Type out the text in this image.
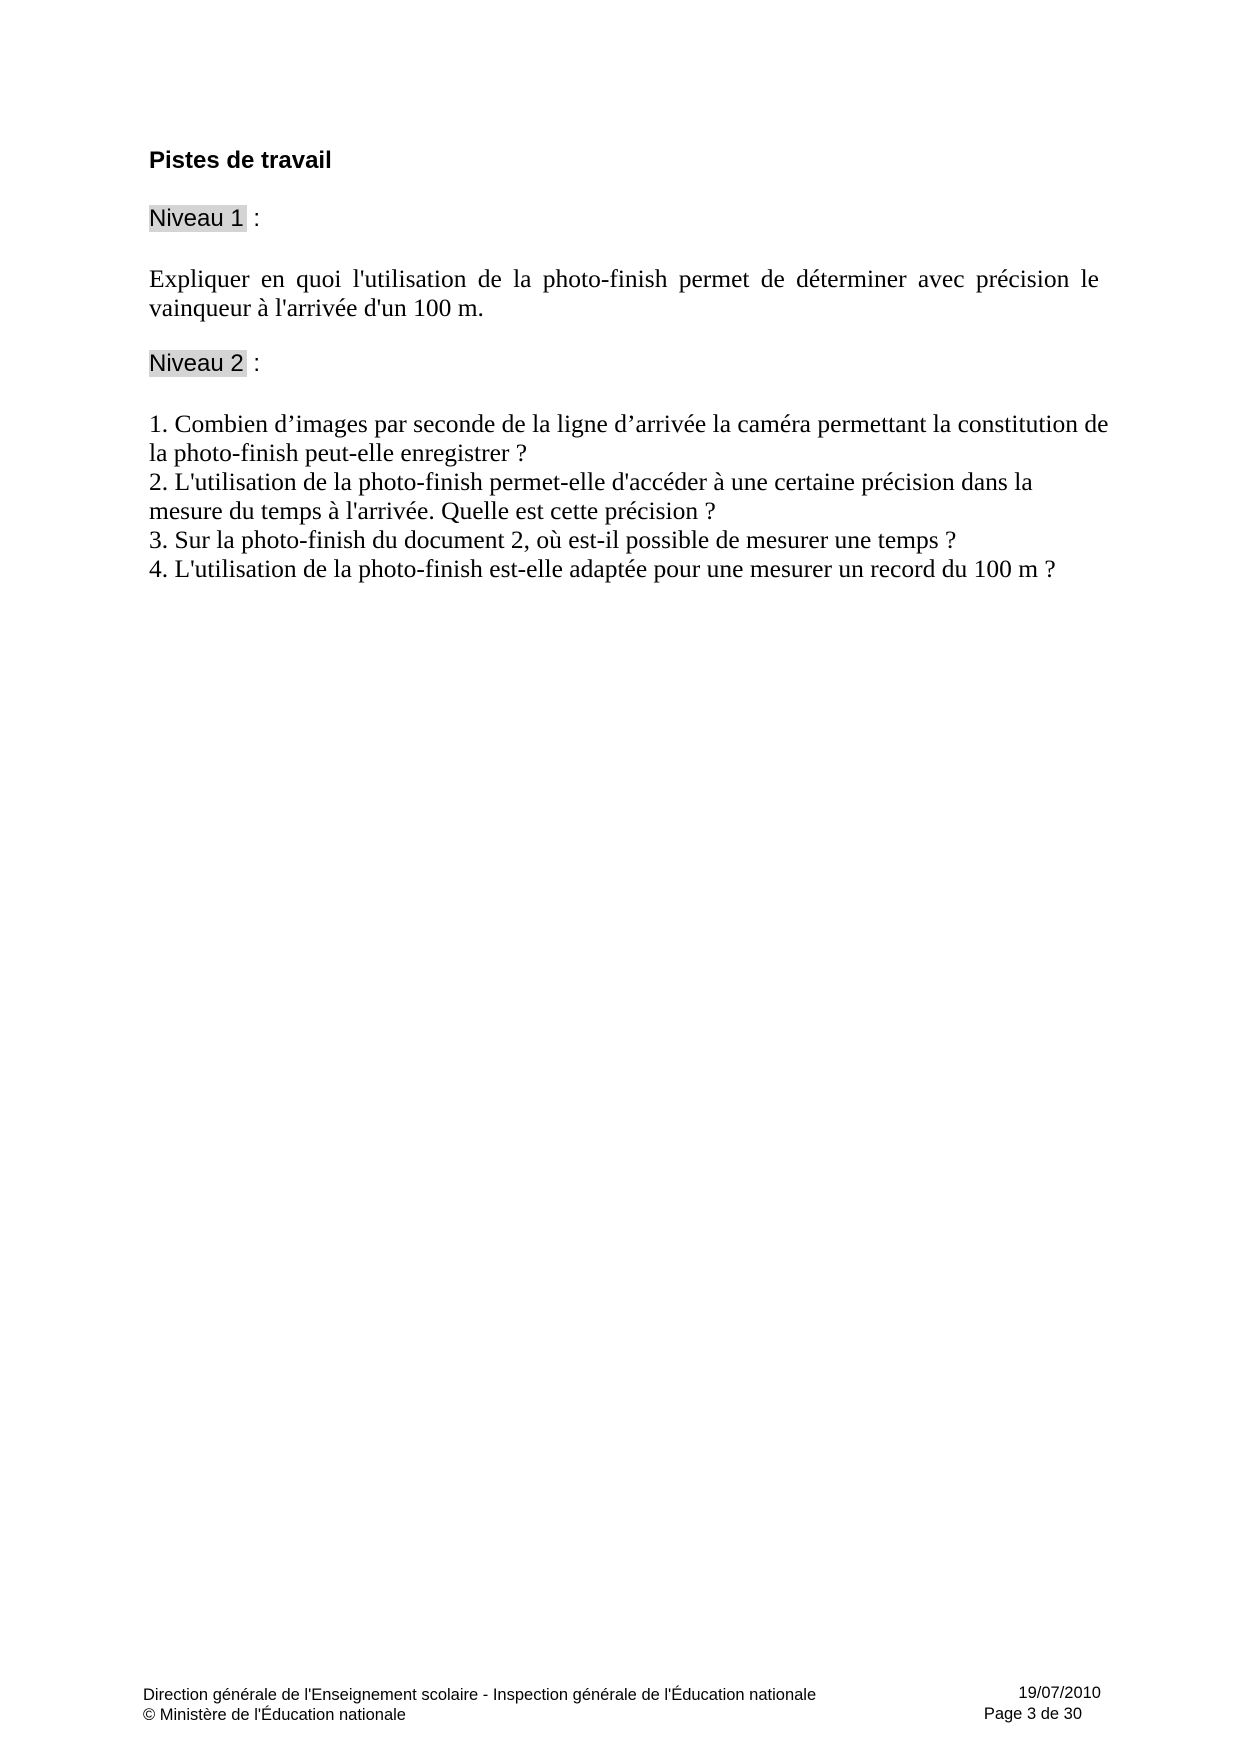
Pistes de travail
Niveau 1 :

Expliquer en quoi l'utilisation de la photo-finish permet de déterminer avec précision le vainqueur à l'arrivée d'un 100 m.

Niveau 2 :
1. Combien d’images par seconde de la ligne d’arrivée la caméra permettant la constitution de la photo-finish peut-elle enregistrer ?
2. L'utilisation de la photo-finish permet-elle d'accéder à une certaine précision dans la mesure du temps à l'arrivée. Quelle est cette précision ?
3. Sur la photo-finish du document 2, où est-il possible de mesurer une temps ?
4. L'utilisation de la photo-finish est-elle adaptée pour une mesurer un record du 100 m ?
Direction générale de l'Enseignement scolaire - Inspection générale de l'Éducation nationale
© Ministère de l'Éducation nationale
19/07/2010
Page 3 de 30
